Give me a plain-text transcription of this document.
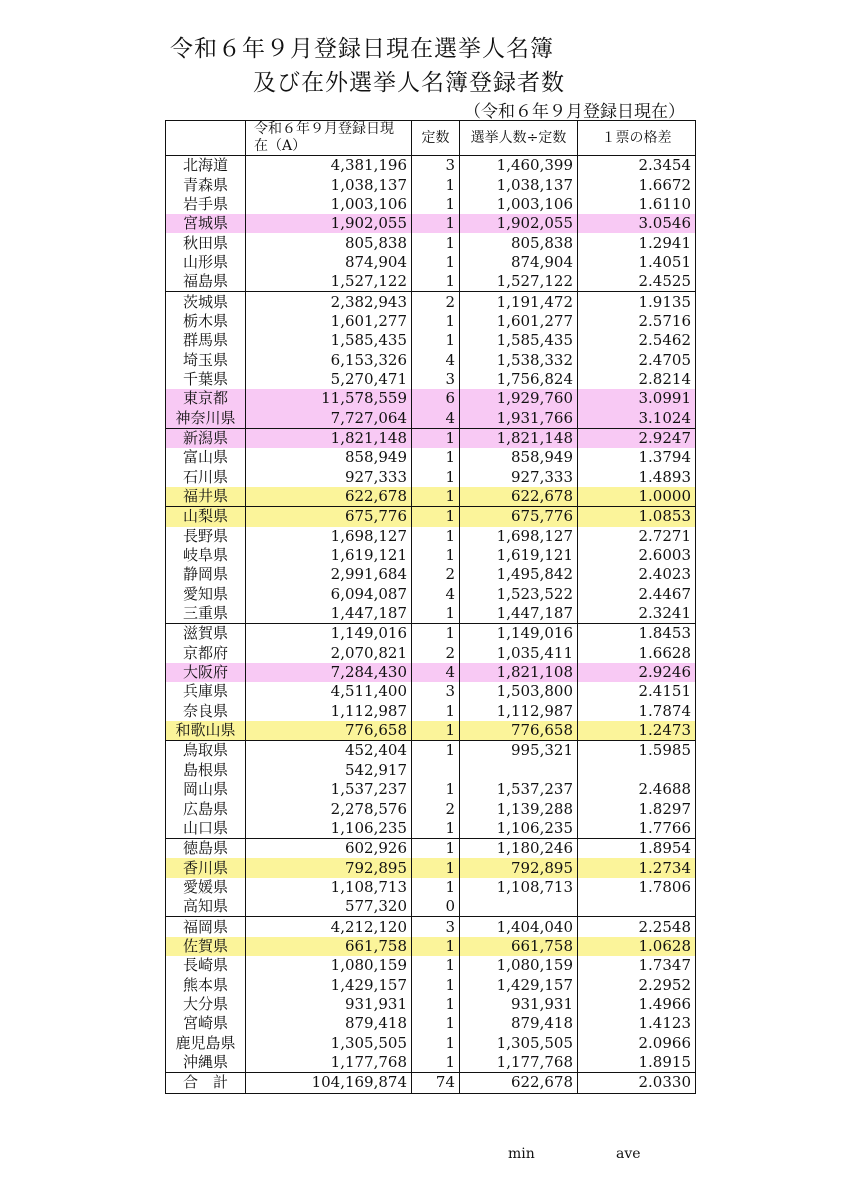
令和６年９月登録日現在選挙人名簿
及び在外選挙人名簿登録者数
（令和６年９月登録日現在）
	令和６年９月登録日現在（A）	定数	選挙人数÷定数	１票の格差
北海道	4,381,196	3	1,460,399	2.3454
青森県	1,038,137	1	1,038,137	1.6672
岩手県	1,003,106	1	1,003,106	1.6110
宮城県	1,902,055	1	1,902,055	3.0546
秋田県	805,838	1	805,838	1.2941
山形県	874,904	1	874,904	1.4051
福島県	1,527,122	1	1,527,122	2.4525
茨城県	2,382,943	2	1,191,472	1.9135
栃木県	1,601,277	1	1,601,277	2.5716
群馬県	1,585,435	1	1,585,435	2.5462
埼玉県	6,153,326	4	1,538,332	2.4705
千葉県	5,270,471	3	1,756,824	2.8214
東京都	11,578,559	6	1,929,760	3.0991
神奈川県	7,727,064	4	1,931,766	3.1024
新潟県	1,821,148	1	1,821,148	2.9247
富山県	858,949	1	858,949	1.3794
石川県	927,333	1	927,333	1.4893
福井県	622,678	1	622,678	1.0000
山梨県	675,776	1	675,776	1.0853
長野県	1,698,127	1	1,698,127	2.7271
岐阜県	1,619,121	1	1,619,121	2.6003
静岡県	2,991,684	2	1,495,842	2.4023
愛知県	6,094,087	4	1,523,522	2.4467
三重県	1,447,187	1	1,447,187	2.3241
滋賀県	1,149,016	1	1,149,016	1.8453
京都府	2,070,821	2	1,035,411	1.6628
大阪府	7,284,430	4	1,821,108	2.9246
兵庫県	4,511,400	3	1,503,800	2.4151
奈良県	1,112,987	1	1,112,987	1.7874
和歌山県	776,658	1	776,658	1.2473
鳥取県	452,404	1	995,321	1.5985
島根県	542,917			
岡山県	1,537,237	1	1,537,237	2.4688
広島県	2,278,576	2	1,139,288	1.8297
山口県	1,106,235	1	1,106,235	1.7766
徳島県	602,926	1	1,180,246	1.8954
香川県	792,895	1	792,895	1.2734
愛媛県	1,108,713	1	1,108,713	1.7806
高知県	577,320	0		
福岡県	4,212,120	3	1,404,040	2.2548
佐賀県	661,758	1	661,758	1.0628
長崎県	1,080,159	1	1,080,159	1.7347
熊本県	1,429,157	1	1,429,157	2.2952
大分県	931,931	1	931,931	1.4966
宮崎県	879,418	1	879,418	1.4123
鹿児島県	1,305,505	1	1,305,505	2.0966
沖縄県	1,177,768	1	1,177,768	1.8915
合　計	104,169,874	74	622,678	2.0330
min	ave
